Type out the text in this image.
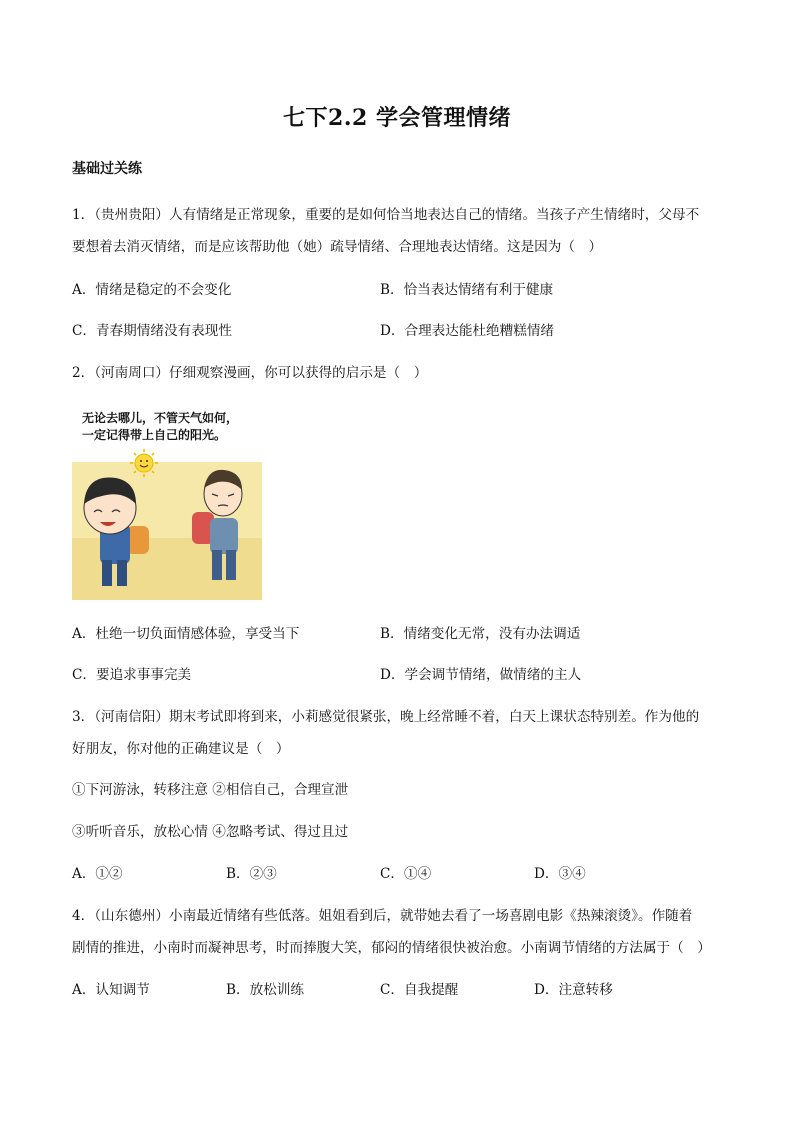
七下2.2 学会管理情绪
基础过关练
1．（贵州贵阳）人有情绪是正常现象，重要的是如何恰当地表达自己的情绪。当孩子产生情绪时，父母不
要想着去消灭情绪，而是应该帮助他（她）疏导情绪、合理地表达情绪。这是因为（　）
A．情绪是稳定的不会变化	B．恰当表达情绪有利于健康
C．青春期情绪没有表现性	D．合理表达能杜绝糟糕情绪
2．（河南周口）仔细观察漫画，你可以获得的启示是（　）
无论去哪儿，不管天气如何，
一定记得带上自己的阳光。
A．杜绝一切负面情感体验，享受当下	B．情绪变化无常，没有办法调适
C．要追求事事完美	D．学会调节情绪，做情绪的主人
3．（河南信阳）期末考试即将到来，小莉感觉很紧张，晚上经常睡不着，白天上课状态特别差。作为他的
好朋友，你对他的正确建议是（　）
①下河游泳，转移注意 ②相信自己，合理宣泄
③听听音乐，放松心情 ④忽略考试、得过且过
A．①②	B．②③	C．①④	D．③④
4．（山东德州）小南最近情绪有些低落。姐姐看到后，就带她去看了一场喜剧电影《热辣滚烫》。作随着
剧情的推进，小南时而凝神思考，时而捧腹大笑，郁闷的情绪很快被治愈。小南调节情绪的方法属于（　）
A．认知调节	B．放松训练	C．自我提醒	D．注意转移
